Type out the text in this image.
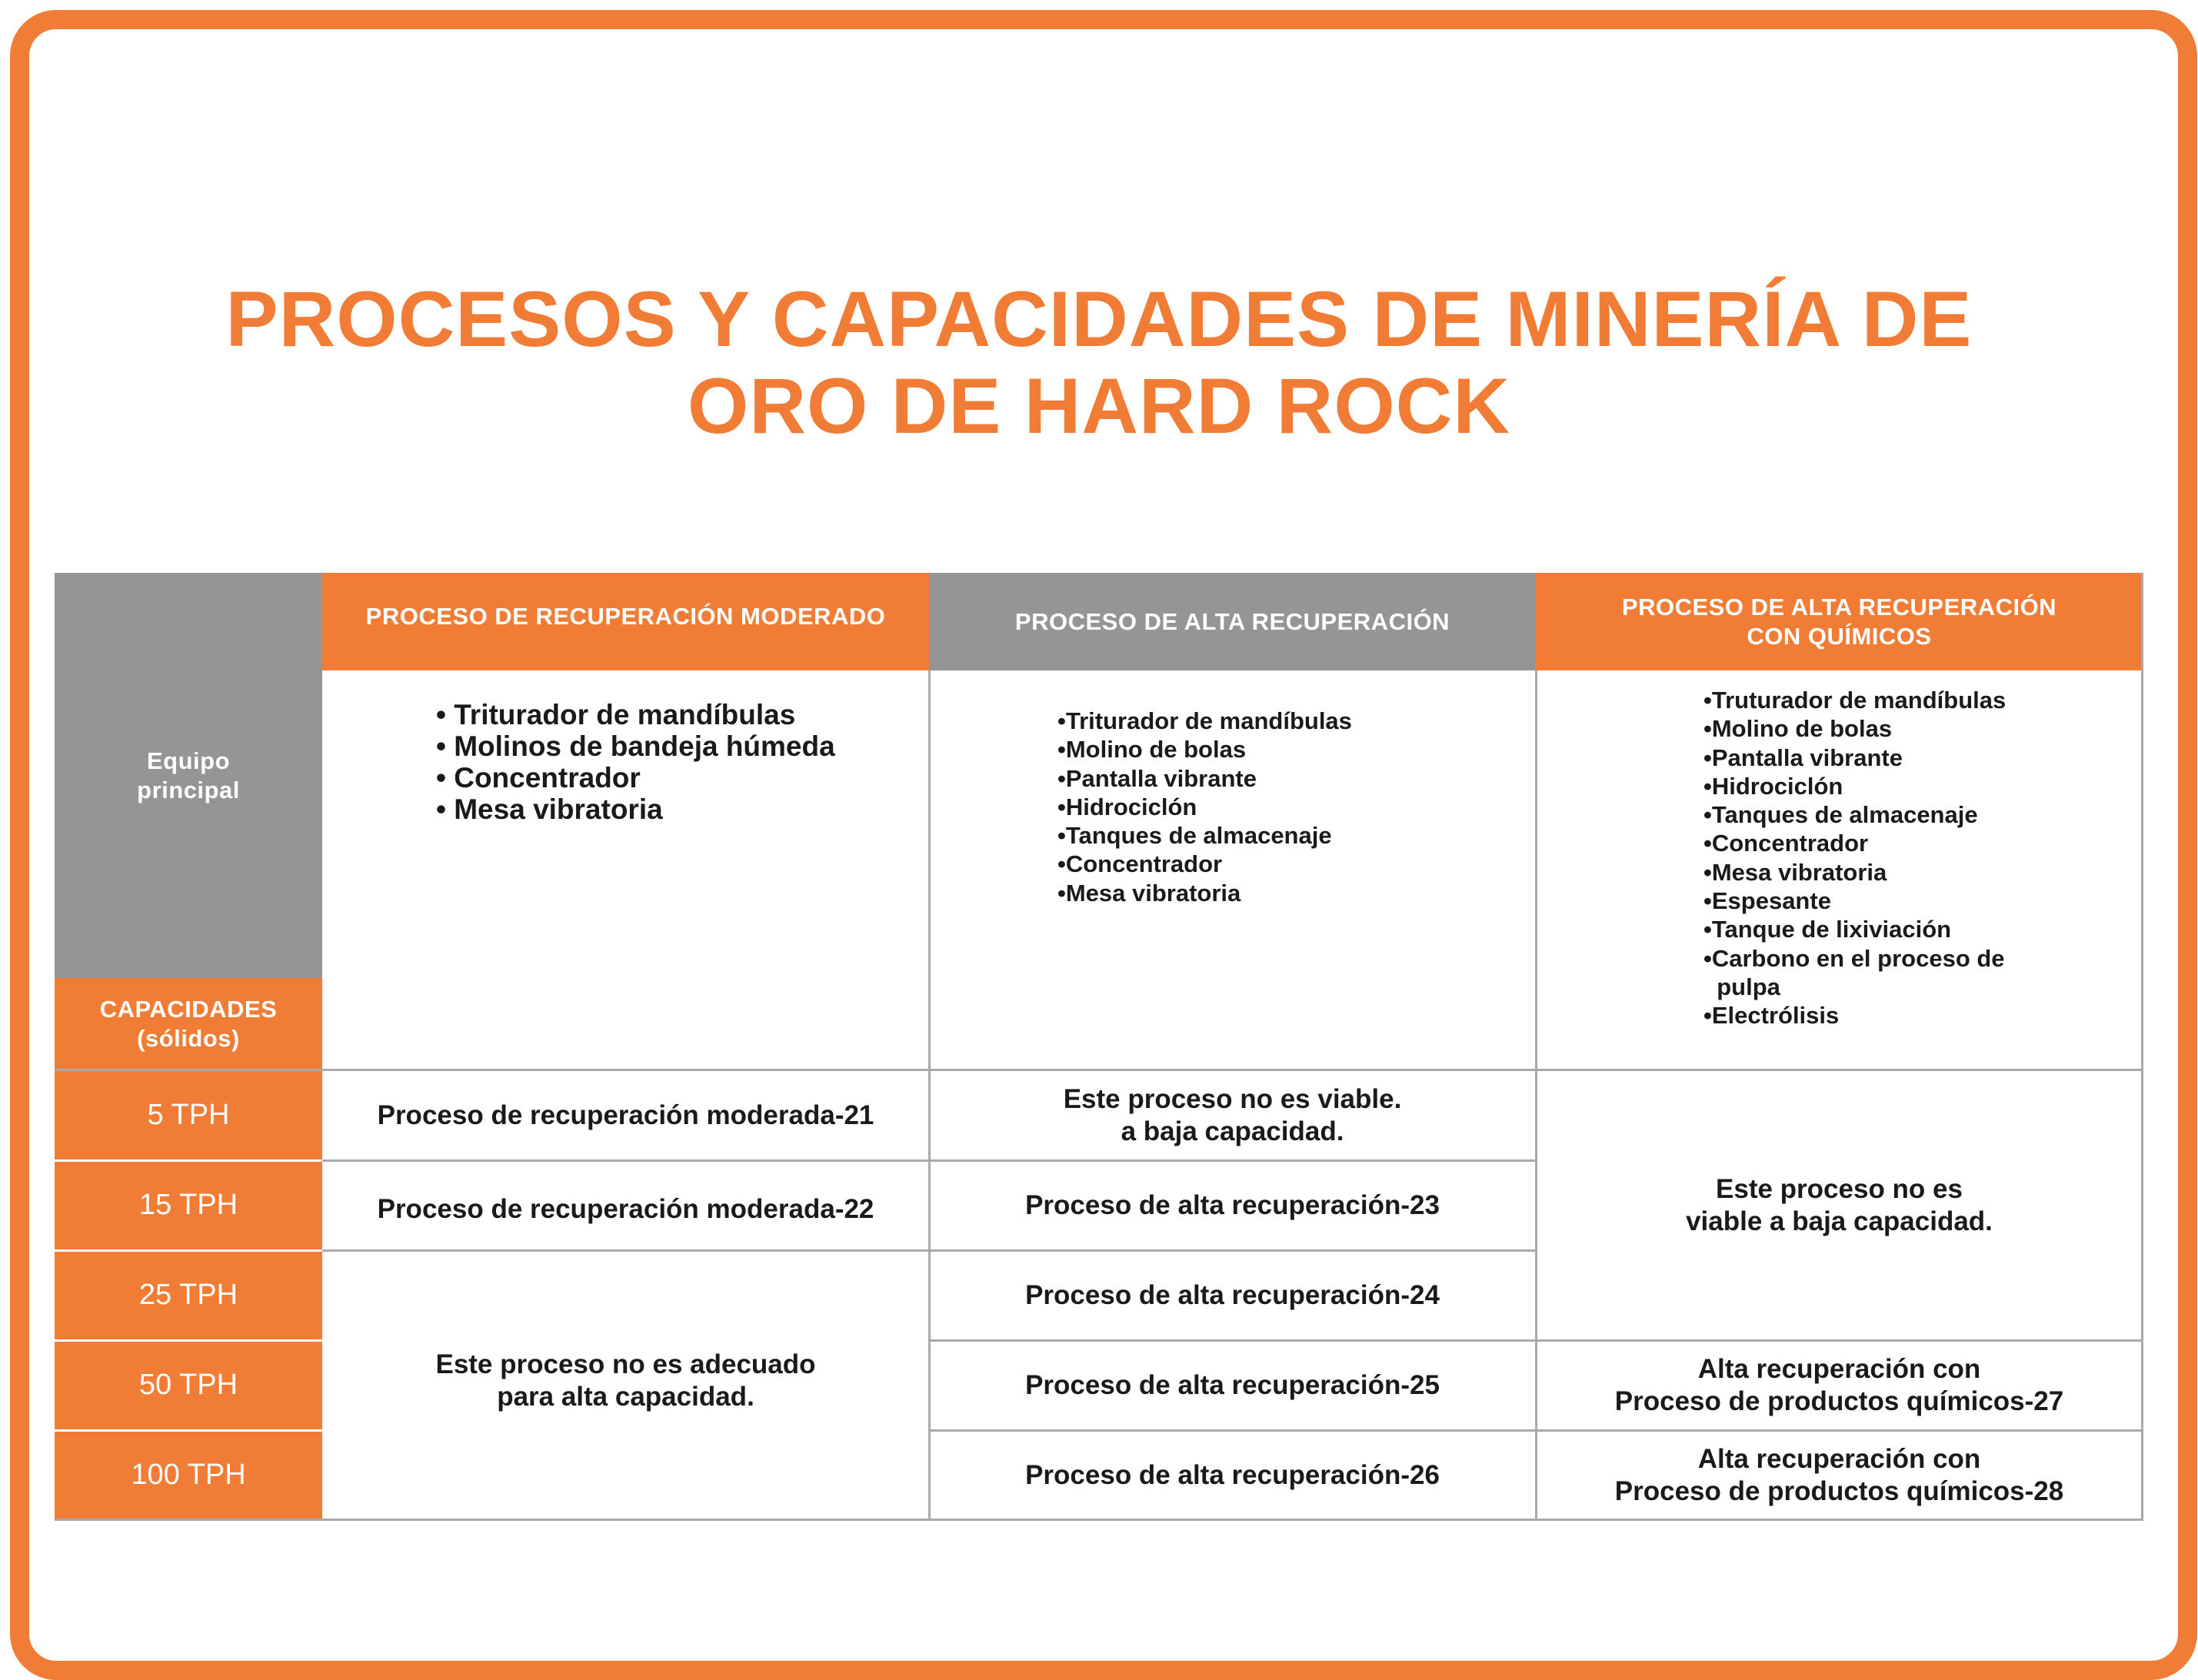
PROCESOS Y CAPACIDADES DE MINERÍA DE
ORO DE HARD ROCK
Equipo
principal
CAPACIDADES
(sólidos)
5 TPH
15 TPH
25 TPH
50 TPH
100 TPH
PROCESO DE RECUPERACIÓN MODERADO	PROCESO DE ALTA RECUPERACIÓN
PROCESO DE ALTA RECUPERACIÓN
CON QUÍMICOS
• Triturador de mandíbulas
• Molinos de bandeja húmeda
• Concentrador
• Mesa vibratoria
•Triturador de mandíbulas
•Molino de bolas
•Pantalla vibrante
•Hidrociclón
•Tanques de almacenaje
•Concentrador
•Mesa vibratoria
•Truturador de mandíbulas
•Molino de bolas
•Pantalla vibrante
•Hidrociclón
•Tanques de almacenaje
•Concentrador
•Mesa vibratoria
•Espesante
•Tanque de lixiviación
•Carbono en el proceso de
pulpa
•Electrólisis
Proceso de recuperación moderada-21
Proceso de recuperación moderada-22
Este proceso no es adecuado
para alta capacidad.
Este proceso no es viable.
a baja capacidad.
Proceso de alta recuperación-23
Proceso de alta recuperación-24
Proceso de alta recuperación-25
Proceso de alta recuperación-26
Este proceso no es
viable a baja capacidad.
Alta recuperación con
Proceso de productos químicos-27
Alta recuperación con
Proceso de productos químicos-28
